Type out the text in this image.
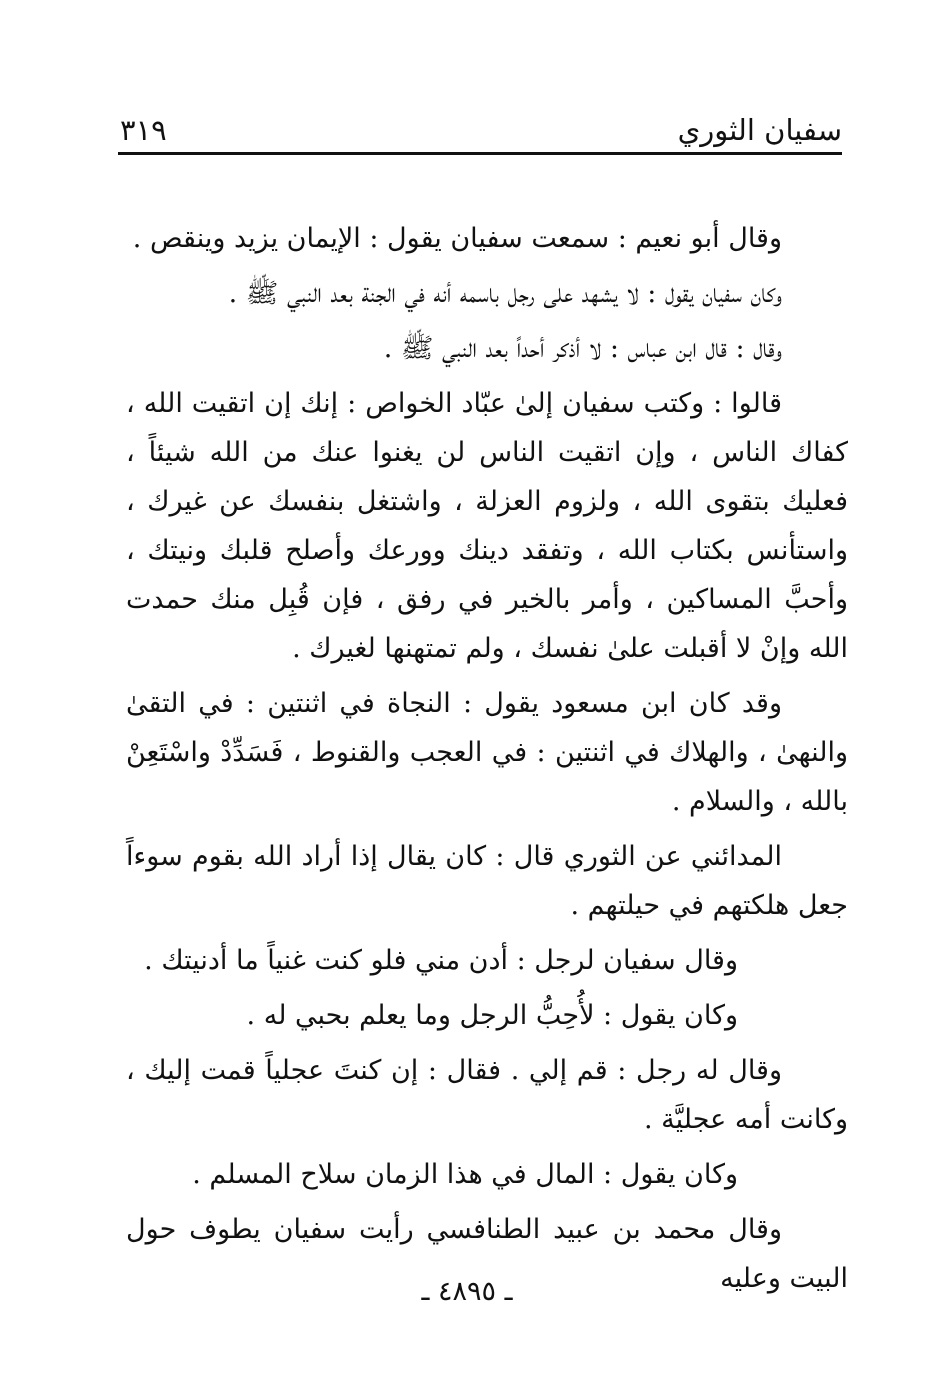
سفيان الثوري
٣١٩

وقال أبو نعيم : سمعت سفيان يقول : الإيمان يزيد وينقص .

وكان سفيان يقول : لا يشهد على رجل باسمه أنه في الجنة بعد النبي ﷺ .

وقال : قال ابن عباس : لا أذكر أحداً بعد النبي ﷺ .

قالوا : وكتب سفيان إلىٰ عبّاد الخواص : إنك إن اتقيت الله ، كفاك الناس ، وإن اتقيت الناس لن يغنوا عنك من الله شيئاً ، فعليك بتقوى الله ، ولزوم العزلة ، واشتغل بنفسك عن غيرك ، واستأنس بكتاب الله ، وتفقد دينك وورعك وأصلح قلبك ونيتك ، وأحبَّ المساكين ، وأمر بالخير في رفق ، فإن قُبِل منك حمدت الله وإنْ لا أقبلت علىٰ نفسك ، ولم تمتهنها لغيرك .

وقد كان ابن مسعود يقول : النجاة في اثنتين : في التقىٰ والنهىٰ ، والهلاك في اثنتين : في العجب والقنوط ، فَسَدِّدْ واسْتَعِنْ بالله ، والسلام .

المدائني عن الثوري قال : كان يقال إذا أراد الله بقوم سوءاً جعل هلكتهم في حيلتهم .

وقال سفيان لرجل : أدن مني فلو كنت غنياً ما أدنيتك .

وكان يقول : لأُحِبُّ الرجل وما يعلم بحبي له .

وقال له رجل : قم إلي . فقال : إن كنتَ عجلياً قمت إليك ، وكانت أمه عجليَّة .

وكان يقول : المال في هذا الزمان سلاح المسلم .

وقال محمد بن عبيد الطنافسي رأيت سفيان يطوف حول البيت وعليه

ـ ٤٨٩٥ ـ
